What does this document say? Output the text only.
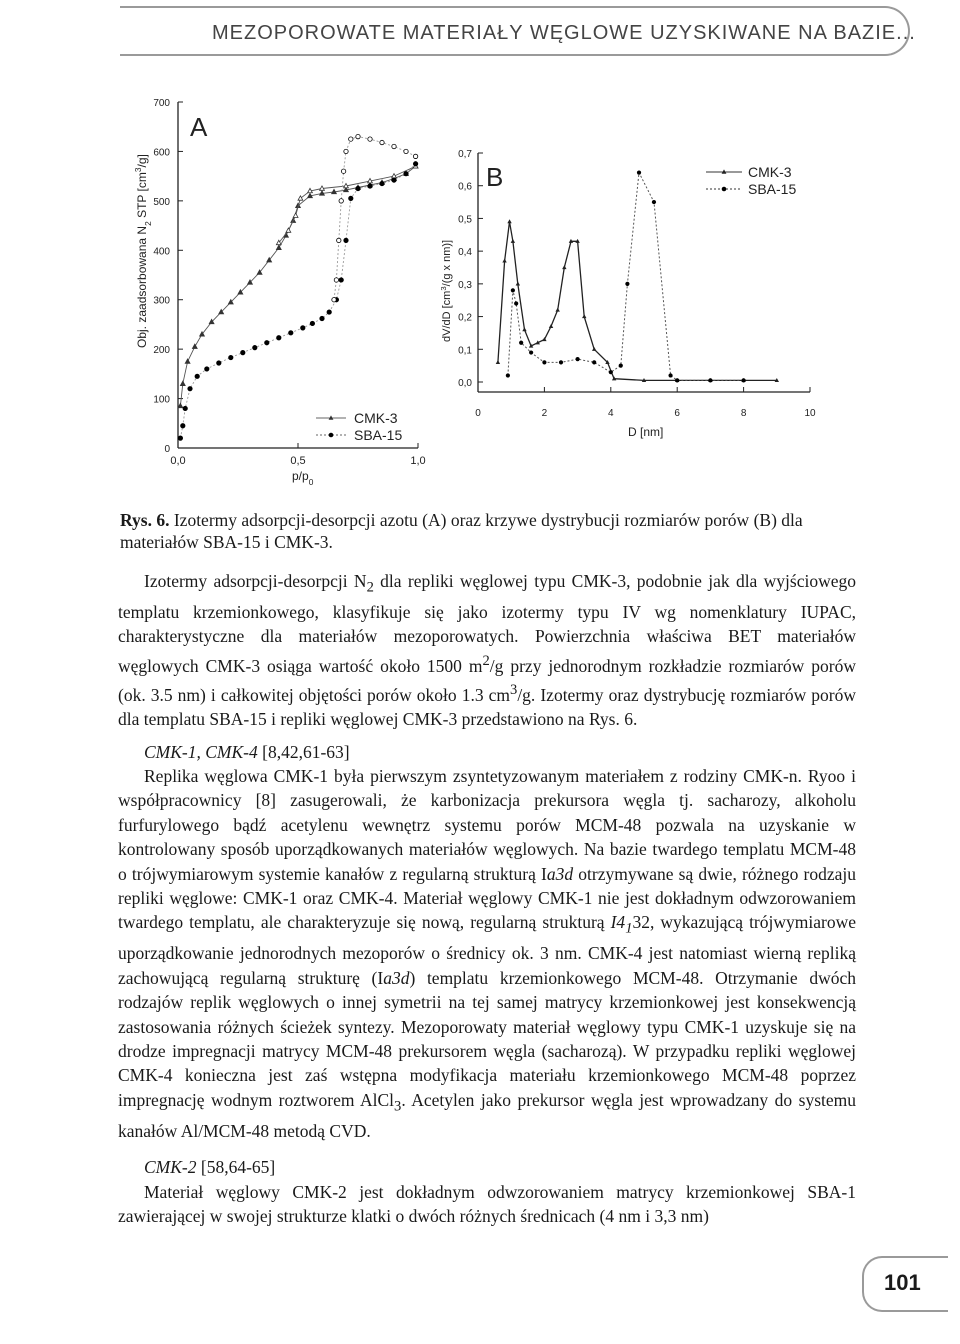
MEZOPOROWATE MATERIAŁY WĘGLOWE UZYSKIWANE NA BAZIE...
0
100
200
300
400
500
600
700
0,0	0,5	1,0
A
$p/p_0$
Obj. zaadsorbowana $N_2$ STP $[cm^3/g]$
CMK-3
SBA-15
0,0
0,1
0,2
0,3
0,4
0,5
0,6
0,7
0	2	4	6	8	10
B
D [nm]
dV/dD [$cm^3/(g$ x nm)]
CMK-3
SBA-15
Rys. 6. Izotermy adsorpcji-desorpcji azotu (A) oraz krzywe dystrybucji rozmiarów porów (B) dla materiałów SBA-15 i CMK-3.

Izotermy adsorpcji-desorpcji $N_2$ dla repliki węglowej typu CMK-3, podobnie jak dla wyjściowego templatu krzemionkowego, klasyfikuje się jako izotermy typu IV wg nomenklatury IUPAC, charakterystyczne dla materiałów mezoporowatych. Powierzchnia właściwa BET materiałów węglowych CMK-3 osiąga wartość około 1500 $m^2/g$ przy jednorodnym rozkładzie rozmiarów porów (ok. 3.5 nm) i całkowitej objętości porów około 1.3 $cm^3/g$. Izotermy oraz dystrybucję rozmiarów porów dla templatu SBA-15 i repliki węglowej CMK-3 przedstawiono na Rys. 6.

CMK-1, CMK-4 [8,42,61-63]

Replika węglowa CMK-1 była pierwszym zsyntetyzowanym materiałem z rodziny CMK-n. Ryoo i współpracownicy [8] zasugerowali, że karbonizacja prekursora węgla tj. sacharozy, alkoholu furfurylowego bądź acetylenu wewnętrz systemu porów MCM-48 pozwala na uzyskanie w kontrolowany sposób uporządkowanych materiałów węglowych. Na bazie twardego templatu MCM-48 o trójwymiarowym systemie kanałów z regularną strukturą Ia3d otrzymywane są dwie, różnego rodzaju repliki węglowe: CMK-1 oraz CMK-4. Materiał węglowy CMK-1 nie jest dokładnym odwzorowaniem twardego templatu, ale charakteryzuje się nową, regularną strukturą $I4_132$, wykazującą trójwymiarowe uporządkowanie jednorodnych mezoporów o średnicy ok. 3 nm. CMK-4 jest natomiast wierną repliką zachowującą regularną strukturę (Ia3d) templatu krzemionkowego MCM-48. Otrzymanie dwóch rodzajów replik węglowych o innej symetrii na tej samej matrycy krzemionkowej jest konsekwencją zastosowania różnych ścieżek syntezy. Mezoporowaty materiał węglowy typu CMK-1 uzyskuje się na drodze impregnacji matrycy MCM-48 prekursorem węgla (sacharozą). W przypadku repliki węglowej CMK-4 konieczna jest zaś wstępna modyfikacja materiału krzemionkowego MCM-48 poprzez impregnację wodnym roztworem AlCl$_3$. Acetylen jako prekursor węgla jest wprowadzany do systemu kanałów Al/MCM-48 metodą CVD.

CMK-2 [58,64-65]

Materiał węglowy CMK-2 jest dokładnym odwzorowaniem matrycy krzemionkowej SBA-1 zawierającej w swojej strukturze klatki o dwóch różnych średnicach (4 nm i 3,3 nm)

101
